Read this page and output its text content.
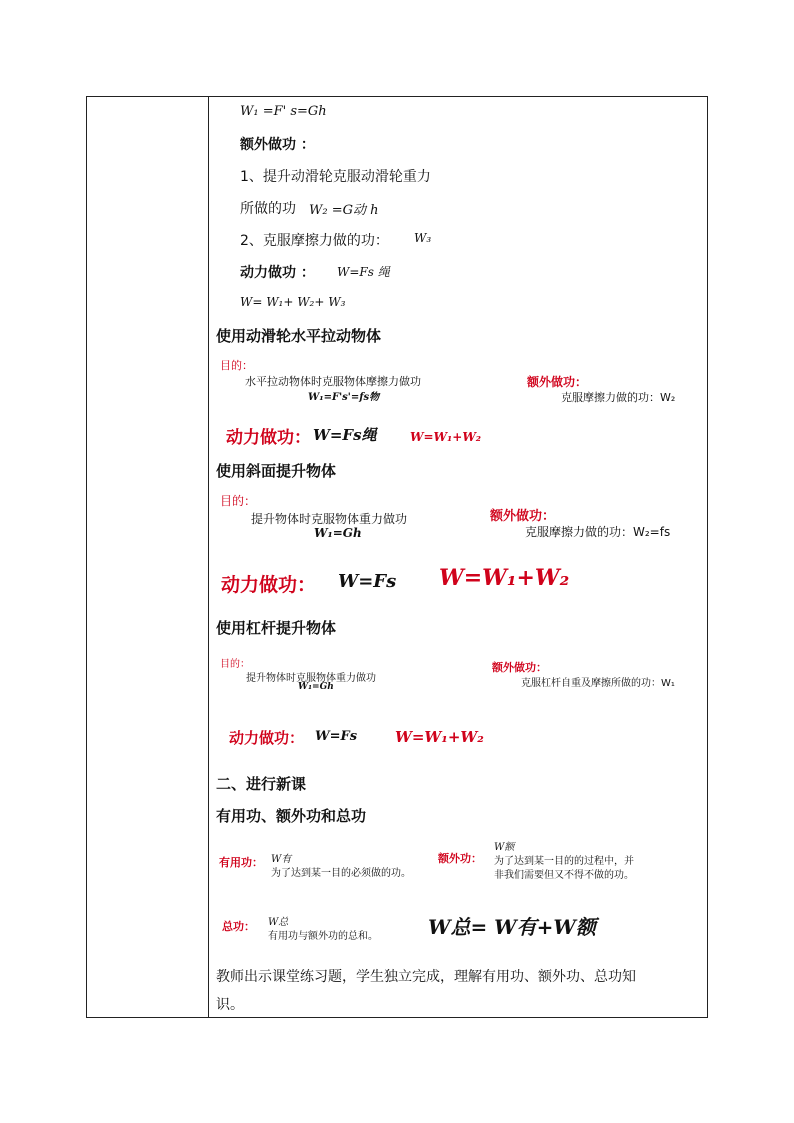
W₁ =F' s=Gh
额外做功 ：
1、提升动滑轮克服动滑轮重力
所做的功 W₂ =G动 h
2、克服摩擦力做的功： W₃
动力做功 ： W=Fs 绳
W= W₁+ W₂+ W₃
使用动滑轮水平拉动物体
目的：
水平拉动物体时克服物体摩擦力做功
W₁=F's'=fs物
额外做功：
克服摩擦力做的功：W₂
动力做功： W=Fs绳	W=W₁+W₂
使用斜面提升物体
目的：
提升物体时克服物体重力做功
W₁=Gh
额外做功：
克服摩擦力做的功：W₂=fs
动力做功： W=Fs W=W₁+W₂
使用杠杆提升物体
目的：
提升物体时克服物体重力做功
W₁=Gh
额外做功：
克服杠杆自重及摩擦所做的功：W₁
动力做功： W=Fs	W=W₁+W₂
二、进行新课
有用功、额外功和总功
有用功： W有
为了达到某一目的必须做的功。
额外功：
W额
为了达到某一目的的过程中，并
非我们需要但又不得不做的功。
总功： W总
有用功与额外功的总和。	W总= W有+W额
教师出示课堂练习题，学生独立完成，理解有用功、额外功、总功知
识。
